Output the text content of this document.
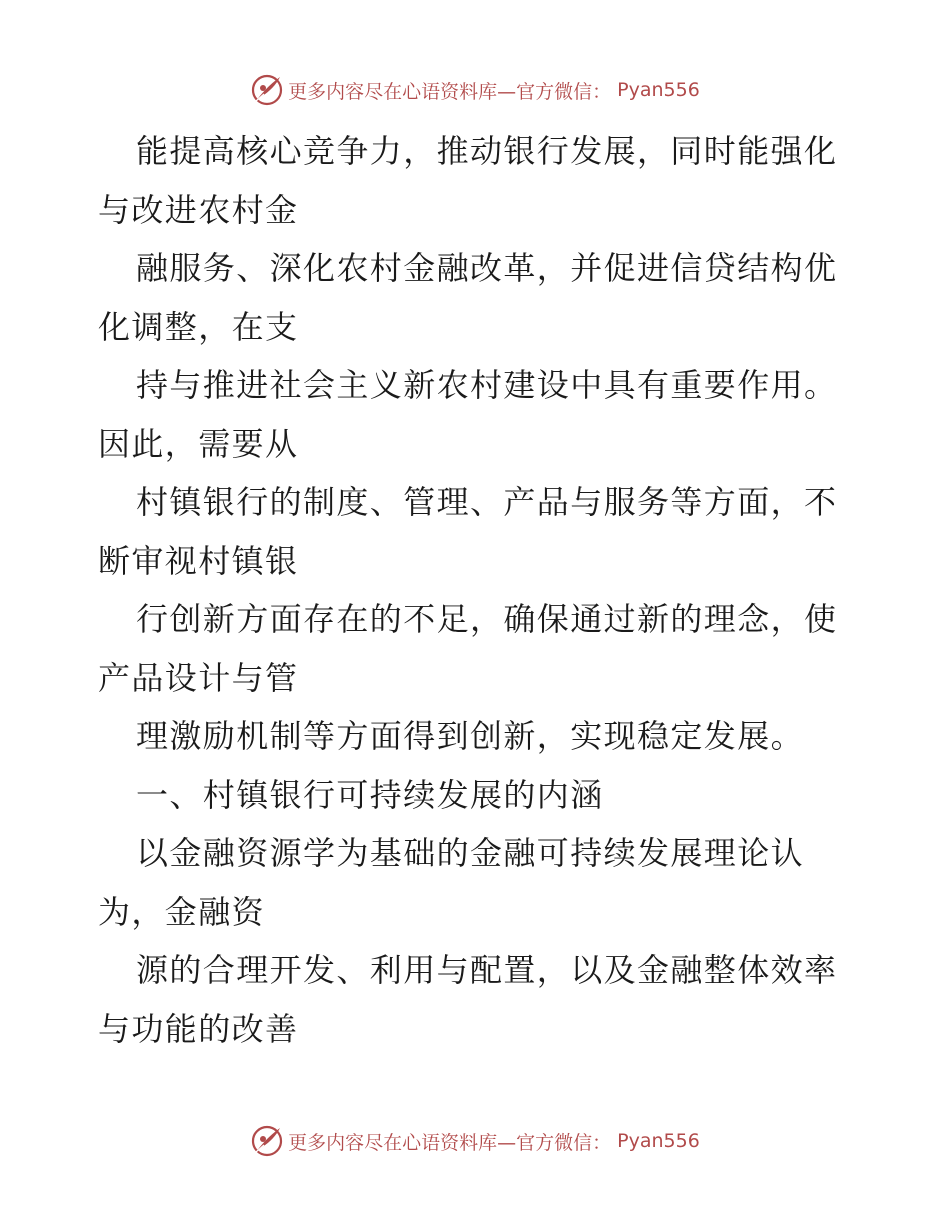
更多内容尽在心语资料库—官方微信： Pyan556

能提高核心竞争力，推动银行发展，同时能强化与改进农村金

融服务、深化农村金融改革，并促进信贷结构优化调整，在支

持与推进社会主义新农村建设中具有重要作用。因此，需要从

村镇银行的制度、管理、产品与服务等方面，不断审视村镇银

行创新方面存在的不足，确保通过新的理念，使产品设计与管

理激励机制等方面得到创新，实现稳定发展。

一、村镇银行可持续发展的内涵

以金融资源学为基础的金融可持续发展理论认为，金融资

源的合理开发、利用与配置，以及金融整体效率与功能的改善

更多内容尽在心语资料库—官方微信： Pyan556
